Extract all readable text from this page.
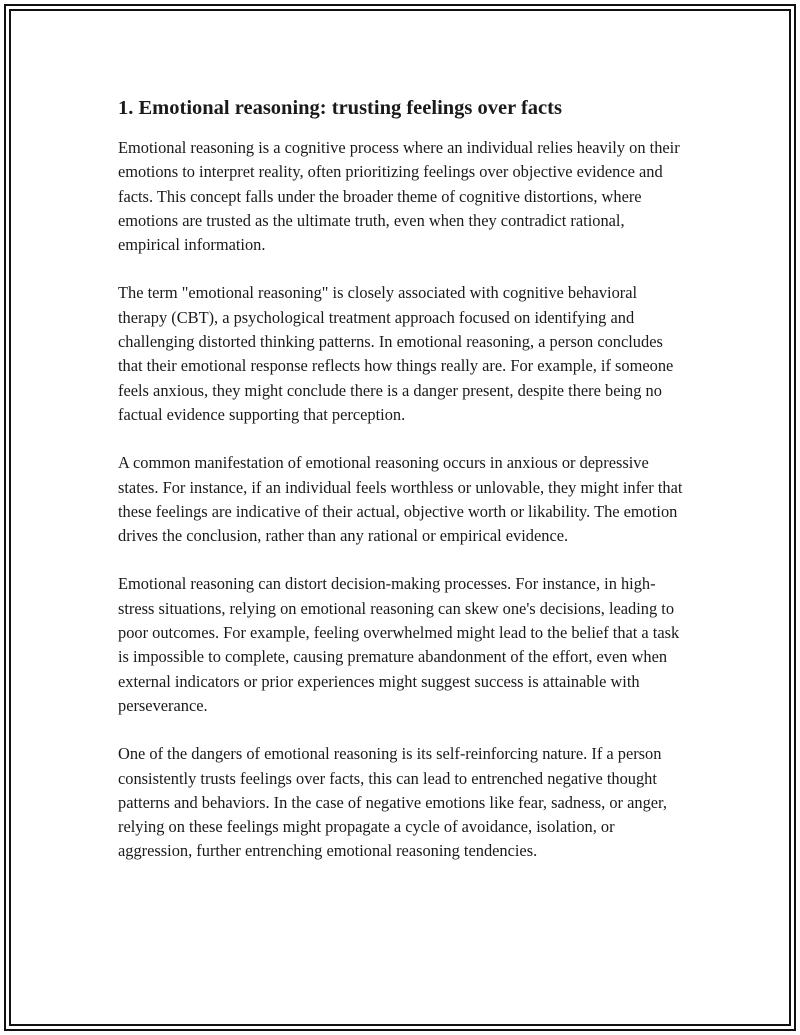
1. Emotional reasoning: trusting feelings over facts

Emotional reasoning is a cognitive process where an individual relies heavily on their emotions to interpret reality, often prioritizing feelings over objective evidence and facts. This concept falls under the broader theme of cognitive distortions, where emotions are trusted as the ultimate truth, even when they contradict rational, empirical information.

The term "emotional reasoning" is closely associated with cognitive behavioral therapy (CBT), a psychological treatment approach focused on identifying and challenging distorted thinking patterns. In emotional reasoning, a person concludes that their emotional response reflects how things really are. For example, if someone feels anxious, they might conclude there is a danger present, despite there being no factual evidence supporting that perception.

A common manifestation of emotional reasoning occurs in anxious or depressive states. For instance, if an individual feels worthless or unlovable, they might infer that these feelings are indicative of their actual, objective worth or likability. The emotion drives the conclusion, rather than any rational or empirical evidence.

Emotional reasoning can distort decision-making processes. For instance, in high-stress situations, relying on emotional reasoning can skew one's decisions, leading to poor outcomes. For example, feeling overwhelmed might lead to the belief that a task is impossible to complete, causing premature abandonment of the effort, even when external indicators or prior experiences might suggest success is attainable with perseverance.

One of the dangers of emotional reasoning is its self-reinforcing nature. If a person consistently trusts feelings over facts, this can lead to entrenched negative thought patterns and behaviors. In the case of negative emotions like fear, sadness, or anger, relying on these feelings might propagate a cycle of avoidance, isolation, or aggression, further entrenching emotional reasoning tendencies.
